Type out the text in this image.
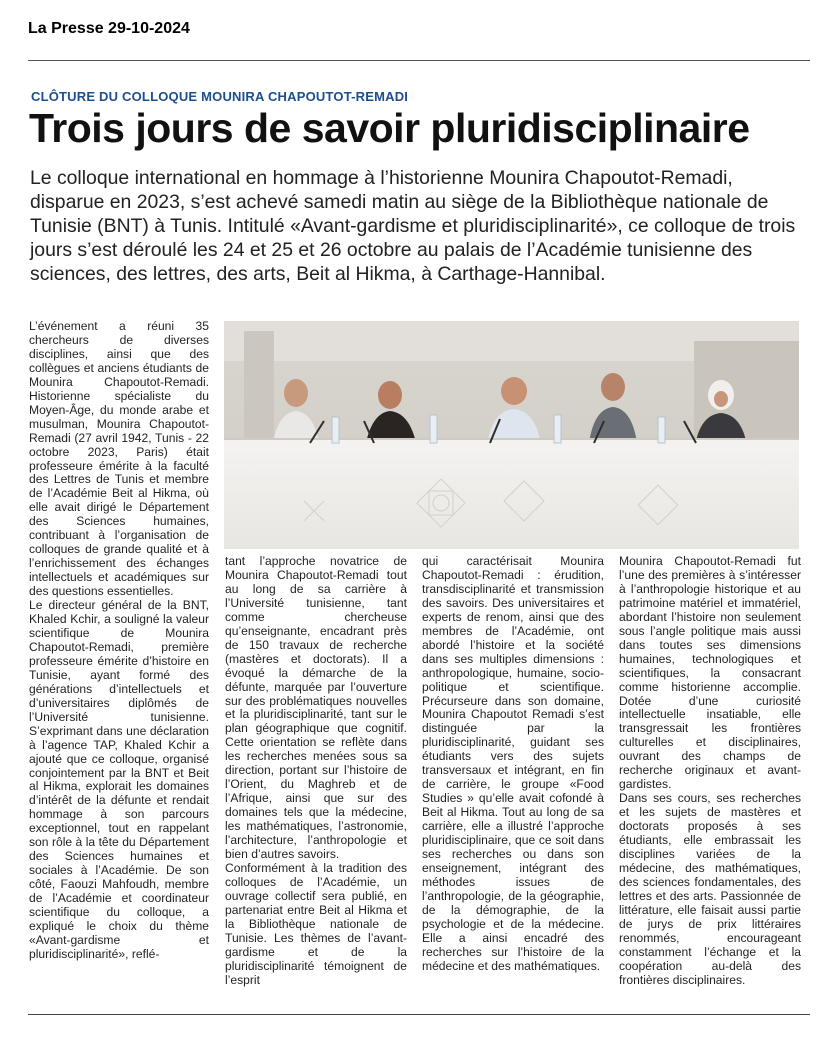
La Presse 29-10-2024
CLÔTURE DU COLLOQUE MOUNIRA CHAPOUTOT-REMADI
Trois jours de savoir pluridisciplinaire
Le colloque international en hommage à l’historienne Mounira Chapoutot-Remadi, disparue en 2023, s’est achevé samedi matin au siège de la Bibliothèque nationale de Tunisie (BNT) à Tunis. Intitulé «Avant-gardisme et pluridisciplinarité», ce colloque de trois jours s’est déroulé les 24 et 25 et 26 octobre au palais de l’Académie tunisienne des sciences, des lettres, des arts, Beit al Hikma, à Carthage-Hannibal.

L’événement a réuni 35 chercheurs de diverses disciplines, ainsi que des collègues et anciens étudiants de Mounira Chapoutot-Remadi. Historienne spécialiste du Moyen-Âge, du monde arabe et musulman, Mounira Chapoutot-Remadi (27 avril 1942, Tunis - 22 octobre 2023, Paris) était professeure émérite à la faculté des Lettres de Tunis et membre de l’Académie Beit al Hikma, où elle avait dirigé le Département des Sciences humaines, contribuant à l’organisation de colloques de grande qualité et à l’enrichissement des échanges intellectuels et académiques sur des questions essentielles.

Le directeur général de la BNT, Khaled Kchir, a souligné la valeur scientifique de Mounira Chapoutot-Remadi, première professeure émérite d’histoire en Tunisie, ayant formé des générations d’intellectuels et d’universitaires diplômés de l’Université tunisienne. S’exprimant dans une déclaration à l’agence TAP, Khaled Kchir a ajouté que ce colloque, organisé conjointement par la BNT et Beit al Hikma, explorait les domaines d’intérêt de la défunte et rendait hommage à son parcours exceptionnel, tout en rappelant son rôle à la tête du Département des Sciences humaines et sociales à l’Académie. De son côté, Faouzi Mahfoudh, membre de l’Académie et coordinateur scientifique du colloque, a expliqué le choix du thème «Avant-gardisme et pluridisciplinarité», reflé-

tant l’approche novatrice de Mounira Chapoutot-Remadi tout au long de sa carrière à l’Université tunisienne, tant comme chercheuse qu’enseignante, encadrant près de 150 travaux de recherche (mastères et doctorats). Il a évoqué la démarche de la défunte, marquée par l’ouverture sur des problématiques nouvelles et la pluridisciplinarité, tant sur le plan géographique que cognitif. Cette orientation se reflète dans les recherches menées sous sa direction, portant sur l’histoire de l’Orient, du Maghreb et de l’Afrique, ainsi que sur des domaines tels que la médecine, les mathématiques, l’astronomie, l’architecture, l’anthropologie et bien d’autres savoirs.

Conformément à la tradition des colloques de l’Académie, un ouvrage collectif sera publié, en partenariat entre Beit al Hikma et la Bibliothèque nationale de Tunisie. Les thèmes de l’avant-gardisme et de la pluridisciplinarité témoignent de l’esprit

qui caractérisait Mounira Chapoutot-Remadi : érudition, transdisciplinarité et transmission des savoirs. Des universitaires et experts de renom, ainsi que des membres de l’Académie, ont abordé l’histoire et la société dans ses multiples dimensions : anthropologique, humaine, socio-politique et scientifique. Précurseure dans son domaine, Mounira Chapoutot Remadi s’est distinguée par la pluridisciplinarité, guidant ses étudiants vers des sujets transversaux et intégrant, en fin de carrière, le groupe «Food Studies » qu’elle avait cofondé à Beit al Hikma. Tout au long de sa carrière, elle a illustré l’approche pluridisciplinaire, que ce soit dans ses recherches ou dans son enseignement, intégrant des méthodes issues de l’anthropologie, de la géographie, de la démographie, de la psychologie et de la médecine. Elle a ainsi encadré des recherches sur l’histoire de la médecine et des mathématiques.

Mounira Chapoutot-Remadi fut l’une des premières à s’intéresser à l’anthropologie historique et au patrimoine matériel et immatériel, abordant l’histoire non seulement sous l’angle politique mais aussi dans toutes ses dimensions humaines, technologiques et scientifiques, la consacrant comme historienne accomplie. Dotée d’une curiosité intellectuelle insatiable, elle transgressait les frontières culturelles et disciplinaires, ouvrant des champs de recherche originaux et avant-gardistes.

Dans ses cours, ses recherches et les sujets de mastères et doctorats proposés à ses étudiants, elle embrassait les disciplines variées de la médecine, des mathématiques, des sciences fondamentales, des lettres et des arts. Passionnée de littérature, elle faisait aussi partie de jurys de prix littéraires renommés, encourageant constamment l’échange et la coopération au-delà des frontières disciplinaires.
